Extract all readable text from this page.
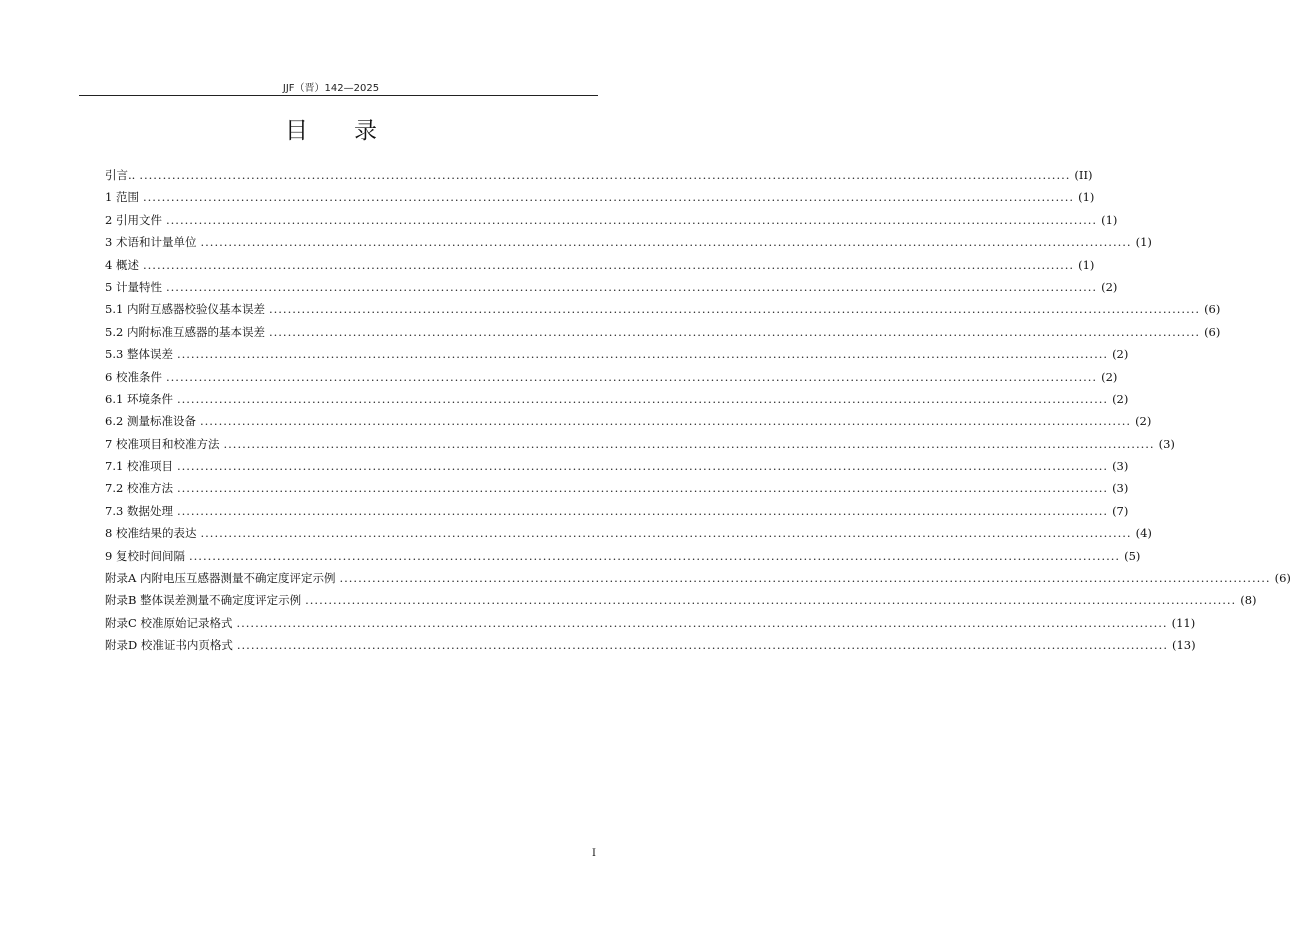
JJF（晋）142—2025
目 录
引言.. ........................................................................................................................................................................................................ (II)
1 范围 ........................................................................................................................................................................................................ (1)
2 引用文件 ........................................................................................................................................................................................................ (1)
3 术语和计量单位 ........................................................................................................................................................................................................ (1)
4 概述 ........................................................................................................................................................................................................ (1)
5 计量特性 ........................................................................................................................................................................................................ (2)
5.1 内附互感器校验仪基本误差 ........................................................................................................................................................................................................ (6)
5.2 内附标准互感器的基本误差 ........................................................................................................................................................................................................ (6)
5.3 整体误差 ........................................................................................................................................................................................................ (2)
6 校准条件 ........................................................................................................................................................................................................ (2)
6.1 环境条件 ........................................................................................................................................................................................................ (2)
6.2 测量标准设备 ........................................................................................................................................................................................................ (2)
7 校准项目和校准方法 ........................................................................................................................................................................................................ (3)
7.1 校准项目 ........................................................................................................................................................................................................ (3)
7.2 校准方法 ........................................................................................................................................................................................................ (3)
7.3 数据处理 ........................................................................................................................................................................................................ (7)
8 校准结果的表达 ........................................................................................................................................................................................................ (4)
9 复校时间间隔 ........................................................................................................................................................................................................ (5)
附录A 内附电压互感器测量不确定度评定示例 ........................................................................................................................................................................................................ (6)
附录B 整体误差测量不确定度评定示例 ........................................................................................................................................................................................................ (8)
附录C 校准原始记录格式 ........................................................................................................................................................................................................ (11)
附录D 校准证书内页格式 ........................................................................................................................................................................................................ (13)
I
